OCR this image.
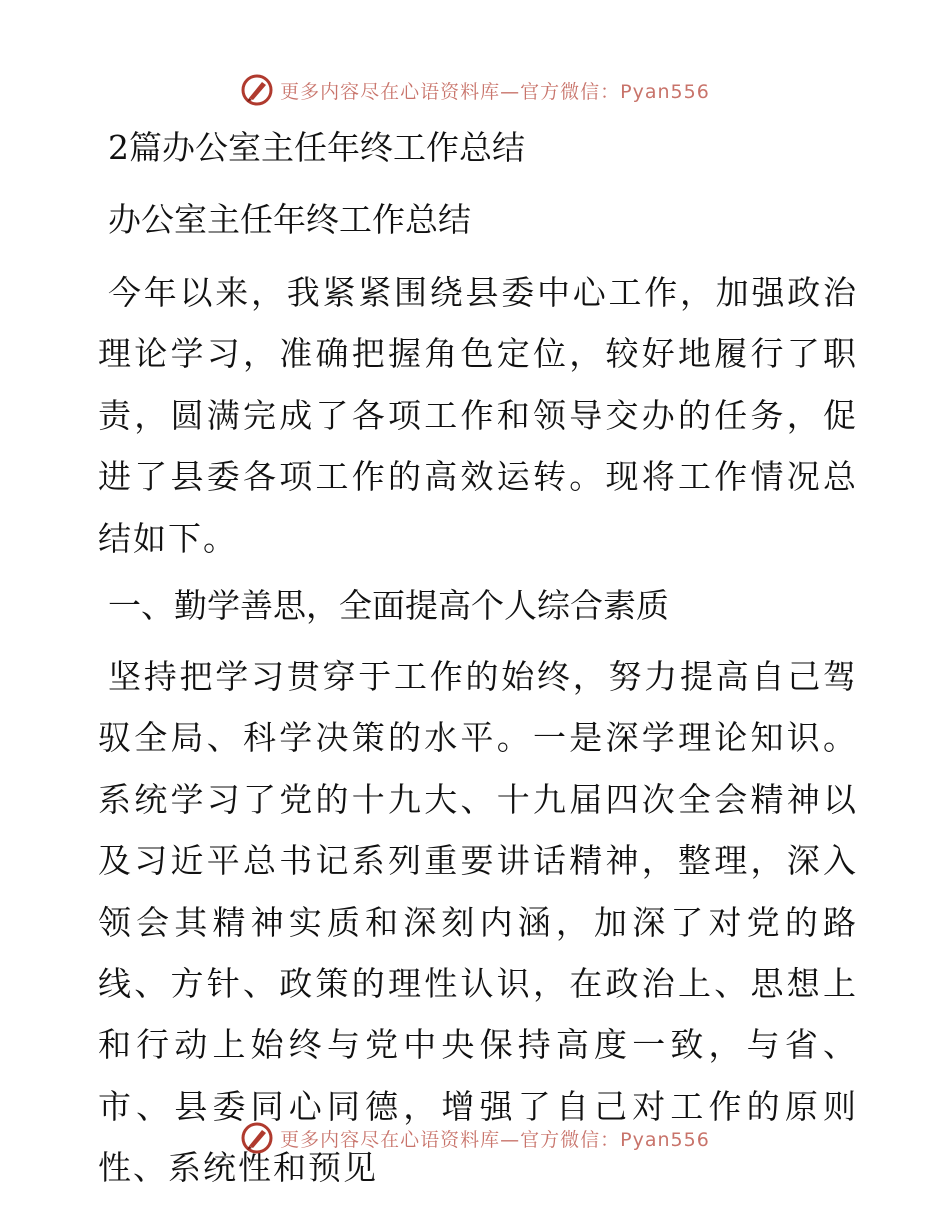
更多内容尽在心语资料库—官方微信：Pyan556
2篇办公室主任年终工作总结
办公室主任年终工作总结

今年以来，我紧紧围绕县委中心工作，加强政治理论学习，准确把握角色定位，较好地履行了职责，圆满完成了各项工作和领导交办的任务，促进了县委各项工作的高效运转。现将工作情况总结如下。

一、勤学善思，全面提高个人综合素质

坚持把学习贯穿于工作的始终，努力提高自己驾驭全局、科学决策的水平。一是深学理论知识。系统学习了党的十九大、十九届四次全会精神以及习近平总书记系列重要讲话精神，整理，深入领会其精神实质和深刻内涵，加深了对党的路线、方针、政策的理性认识，在政治上、思想上和行动上始终与党中央保持高度一致，与省、市、县委同心同德，增强了自己对工作的原则性、系统性和预见

更多内容尽在心语资料库—官方微信：Pyan556
